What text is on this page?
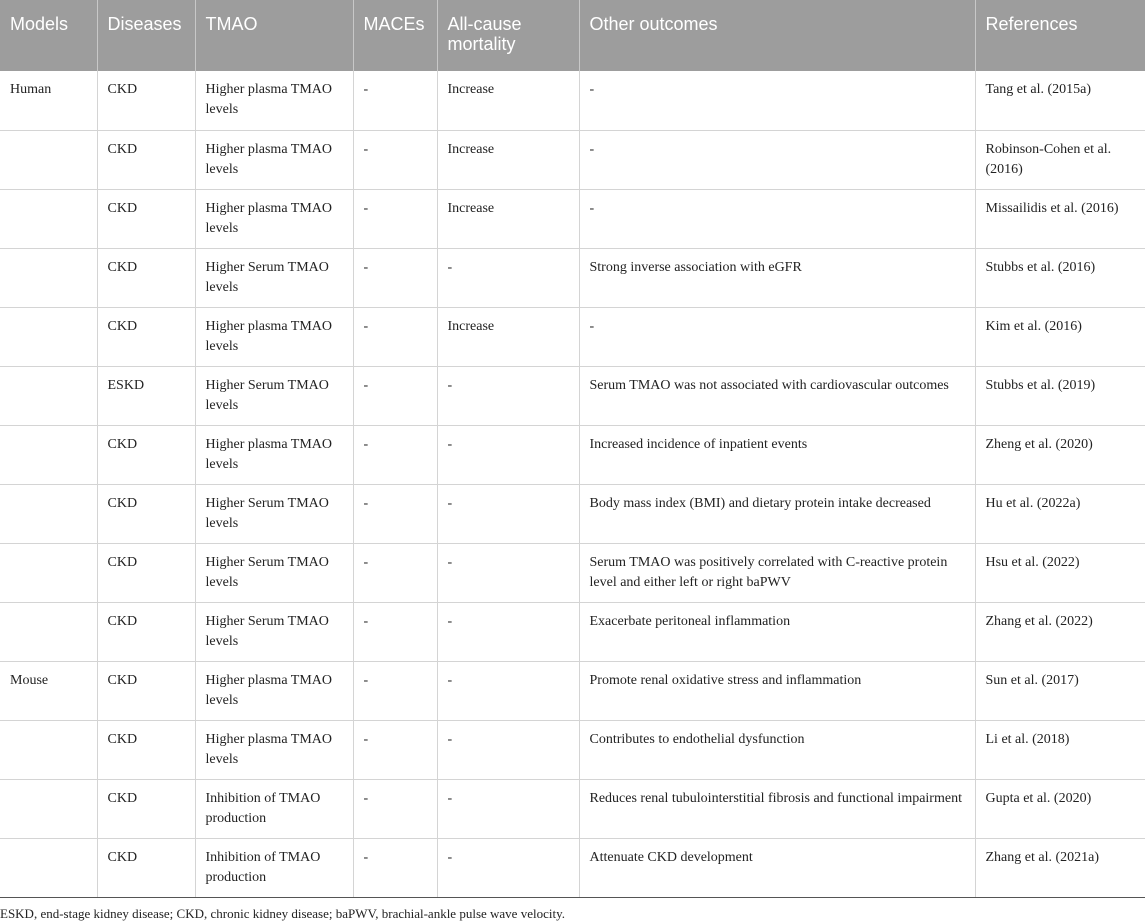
Models	Diseases	TMAO	MACEs	All-cause mortality	Other outcomes	References
Human	CKD	Higher plasma TMAO levels	-	Increase	-	Tang et al. (2015a)
	CKD	Higher plasma TMAO levels	-	Increase	-	Robinson-Cohen et al. (2016)
	CKD	Higher plasma TMAO levels	-	Increase	-	Missailidis et al. (2016)
	CKD	Higher Serum TMAO levels	-	-	Strong inverse association with eGFR	Stubbs et al. (2016)
	CKD	Higher plasma TMAO levels	-	Increase	-	Kim et al. (2016)
	ESKD	Higher Serum TMAO levels	-	-	Serum TMAO was not associated with cardiovascular outcomes	Stubbs et al. (2019)
	CKD	Higher plasma TMAO levels	-	-	Increased incidence of inpatient events	Zheng et al. (2020)
	CKD	Higher Serum TMAO levels	-	-	Body mass index (BMI) and dietary protein intake decreased	Hu et al. (2022a)
	CKD	Higher Serum TMAO levels	-	-	Serum TMAO was positively correlated with C-reactive protein level and either left or right baPWV	Hsu et al. (2022)
	CKD	Higher Serum TMAO levels	-	-	Exacerbate peritoneal inflammation	Zhang et al. (2022)
Mouse	CKD	Higher plasma TMAO levels	-	-	Promote renal oxidative stress and inflammation	Sun et al. (2017)
	CKD	Higher plasma TMAO levels	-	-	Contributes to endothelial dysfunction	Li et al. (2018)
	CKD	Inhibition of TMAO production	-	-	Reduces renal tubulointerstitial fibrosis and functional impairment	Gupta et al. (2020)
	CKD	Inhibition of TMAO production	-	-	Attenuate CKD development	Zhang et al. (2021a)
ESKD, end-stage kidney disease; CKD, chronic kidney disease; baPWV, brachial-ankle pulse wave velocity.
